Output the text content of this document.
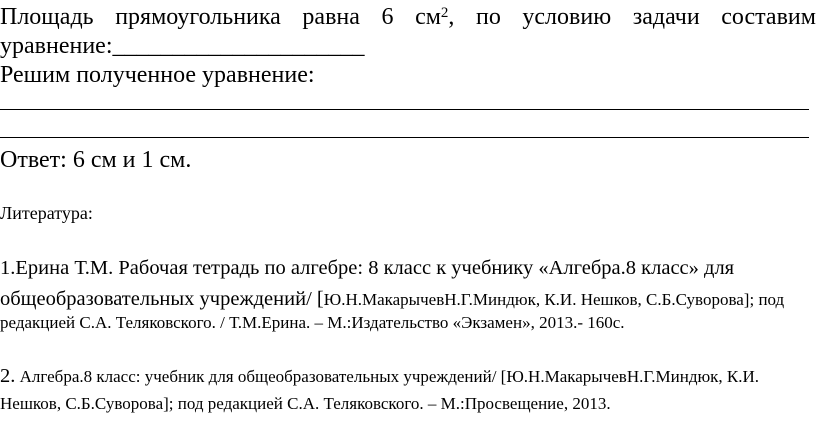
Площадь прямоугольника равна 6 $см^2$, по условию задачи составим
уравнение:_____________________
Решим полученное уравнение:
Ответ: 6 см и 1 см.
Литература:
1.Ерина Т.М. Рабочая тетрадь по алгебре: 8 класс к учебнику «Алгебра.8 класс» для
общеобразовательных учреждений/ [Ю.Н.МакарычевН.Г.Миндюк, К.И. Нешков, С.Б.Суворова]; под
редакцией С.А. Теляковского. / Т.М.Ерина. – М.:Издательство «Экзамен», 2013.- 160с.
2. Алгебра.8 класс: учебник для общеобразовательных учреждений/ [Ю.Н.МакарычевН.Г.Миндюк, К.И.
Нешков, С.Б.Суворова]; под редакцией С.А. Теляковского. – М.:Просвещение, 2013.
